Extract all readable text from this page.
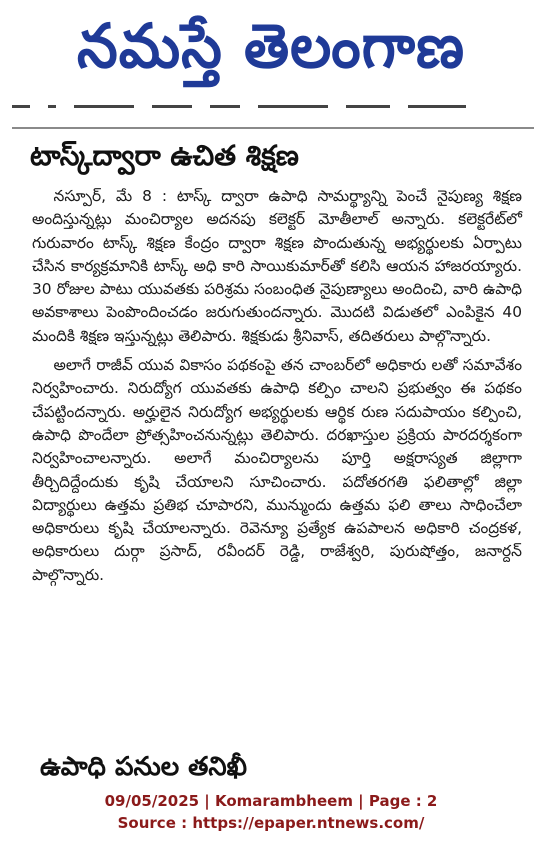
నమస్తే తెలంగాణ
టాస్క్‌ద్వారా ఉచిత శిక్షణ

నస్పూర్, మే 8 : టాస్క్ ద్వారా ఉపాధి సామర్థ్యాన్ని పెంచే నైపుణ్య శిక్షణ అందిస్తున్నట్లు మంచిర్యాల అదనపు కలెక్టర్ మోతీలాల్ అన్నారు. కలెక్టరేట్‌లో గురువారం టాస్క్ శిక్షణ కేంద్రం ద్వారా శిక్షణ పొందుతున్న అభ్యర్థులకు ఏర్పాటు చేసిన కార్యక్రమానికి టాస్క్ అధి కారి సాయికుమార్‌తో కలిసి ఆయన హాజరయ్యారు. 30 రోజుల పాటు యువతకు పరిశ్రమ సంబంధిత నైపుణ్యాలు అందించి, వారి ఉపాధి అవకాశాలు పెంపొందించడం జరుగుతుందన్నారు. మొదటి విడుతలో ఎంపికైన 40 మందికి శిక్షణ ఇస్తున్నట్లు తెలిపారు. శిక్షకుడు శ్రీనివాస్, తదితరులు పాల్గొన్నారు.

అలాగే రాజీవ్ యువ వికాసం పథకంపై తన చాంబర్‌లో అధికారు లతో సమావేశం నిర్వహించారు. నిరుద్యోగ యువతకు ఉపాధి కల్పిం చాలని ప్రభుత్వం ఈ పథకం చేపట్టిందన్నారు. అర్హులైన నిరుద్యోగ అభ్యర్థులకు ఆర్థిక రుణ సదుపాయం కల్పించి, ఉపాధి పొందేలా ప్రోత్సహించనున్నట్లు తెలిపారు. దరఖాస్తుల ప్రక్రియ పారదర్శకంగా నిర్వహించాలన్నారు. అలాగే మంచిర్యాలను పూర్తి అక్షరాస్యత జిల్లాగా తీర్చిదిద్దేందుకు కృషి చేయాలని సూచించారు. పదోతరగతి ఫలితాల్లో జిల్లా విద్యార్థులు ఉత్తమ ప్రతిభ చూపారని, మున్ముందు ఉత్తమ ఫలి తాలు సాధించేలా అధికారులు కృషి చేయాలన్నారు. రెవెన్యూ ప్రత్యేక ఉపపాలన అధికారి చంద్రకళ, అధికారులు దుర్గా ప్రసాద్, రవీందర్ రెడ్డి, రాజేశ్వరి, పురుషోత్తం, జనార్దన్ పాల్గొన్నారు.

ఉపాధి పనుల తనిఖీ
09/05/2025 | Komarambheem | Page : 2
Source : https://epaper.ntnews.com/
